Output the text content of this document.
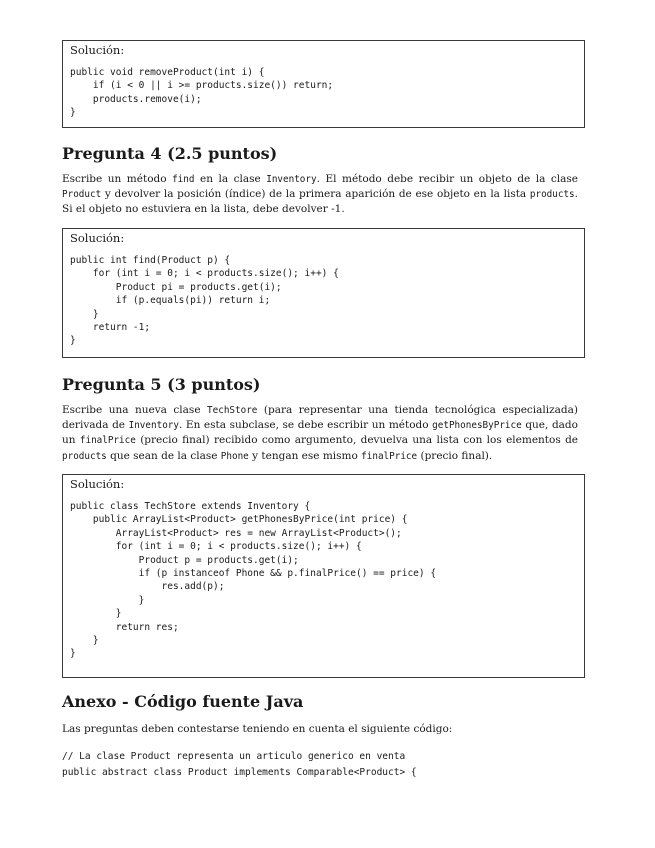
Solución:
public void removeProduct(int i) {
if (i < 0 || i >= products.size()) return;
products.remove(i);
}
Pregunta 4 (2.5 puntos)

Escribe un método find en la clase Inventory. El método debe recibir un objeto de la clase Product y devolver la posición (índice) de la primera aparición de ese objeto en la lista products. Si el objeto no estuviera en la lista, debe devolver -1.

Solución:
public int find(Product p) {
for (int i = 0; i < products.size(); i++) {
Product pi = products.get(i);
if (p.equals(pi)) return i;
}
return -1;
}
Pregunta 5 (3 puntos)

Escribe una nueva clase TechStore (para representar una tienda tecnológica especializada) derivada de Inventory. En esta subclase, se debe escribir un método getPhonesByPrice que, dado un finalPrice (precio final) recibido como argumento, devuelva una lista con los elementos de products que sean de la clase Phone y tengan ese mismo finalPrice (precio final).

Solución:
public class TechStore extends Inventory {
public ArrayList<Product> getPhonesByPrice(int price) {
ArrayList<Product> res = new ArrayList<Product>();
for (int i = 0; i < products.size(); i++) {
Product p = products.get(i);
if (p instanceof Phone && p.finalPrice() == price) {
res.add(p);
}
}
return res;
}
}
Anexo - Código fuente Java

Las preguntas deben contestarse teniendo en cuenta el siguiente código:

// La clase Product representa un articulo generico en venta
public abstract class Product implements Comparable<Product> {
